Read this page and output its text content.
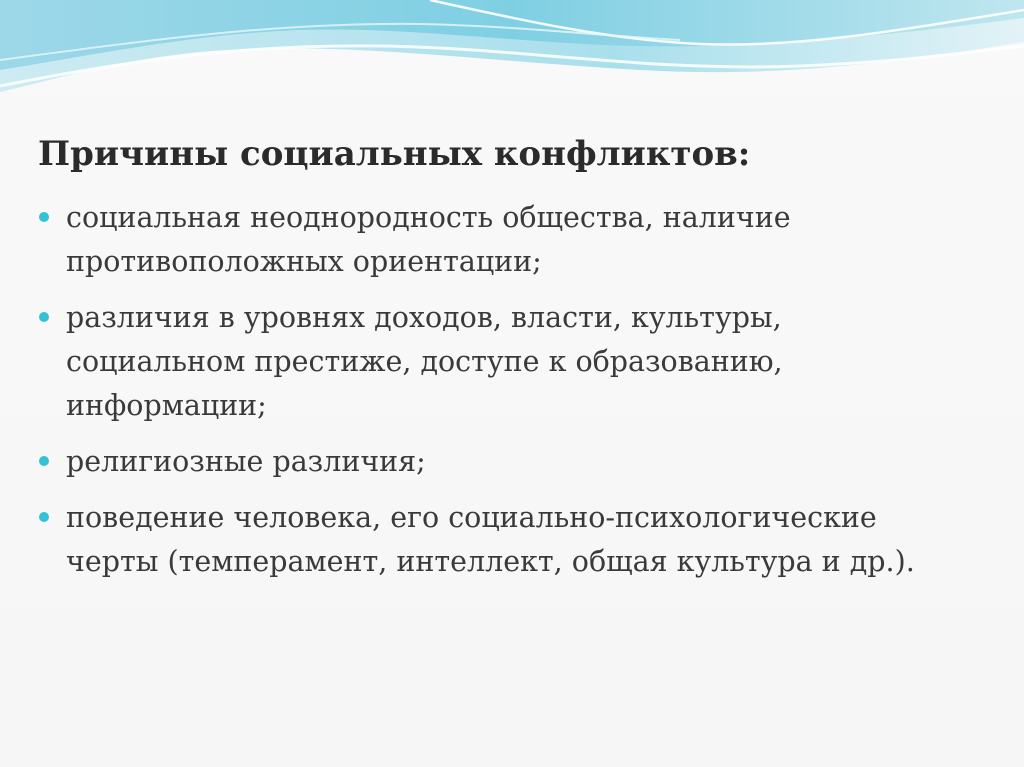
Причины социальных конфликтов:
социальная неоднородность общества, наличие
противоположных ориентации;
различия в уровнях доходов, власти, культуры,
социальном престиже, доступе к образованию,
информации;
религиозные различия;
поведение человека, его социально-психологические
черты (темперамент, интеллект, общая культура и др.).
